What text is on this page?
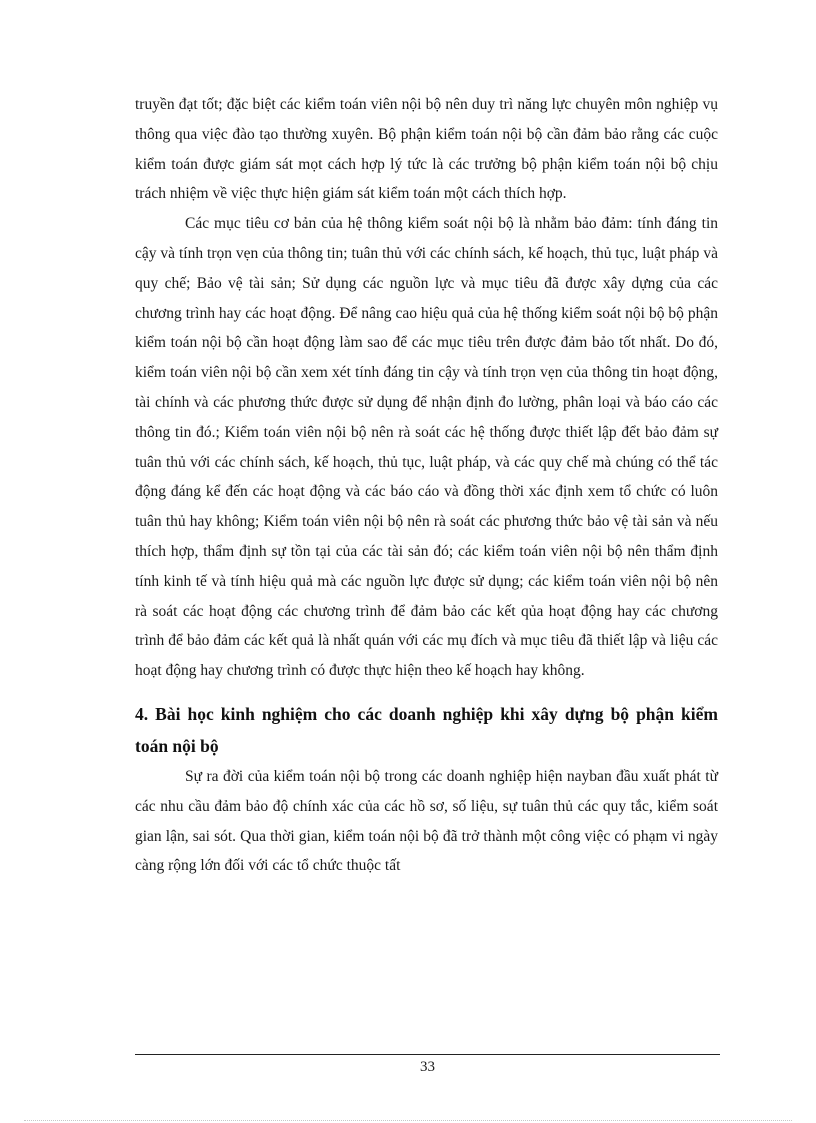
truyền đạt tốt; đặc biệt các kiểm toán viên nội bộ nên duy trì năng lực chuyên môn nghiệp vụ thông qua việc đào tạo thường xuyên. Bộ phận kiểm toán nội bộ cần đảm bảo rằng các cuộc kiểm toán được giám sát mọt cách hợp lý tức là các trưởng bộ phận kiểm toán nội bộ chịu trách nhiệm về việc thực hiện giám sát kiểm toán một cách thích hợp.

Các mục tiêu cơ bản của hệ thông kiểm soát nội bộ là nhằm bảo đảm: tính đáng tin cậy và tính trọn vẹn của thông tin; tuân thủ với các chính sách, kế hoạch, thủ tục, luật pháp và quy chế; Bảo vệ tài sản; Sử dụng các nguồn lực và mục tiêu đã được xây dựng của các chương trình hay các hoạt động. Để nâng cao hiệu quả của hệ thống kiểm soát nội bộ bộ phận kiểm toán nội bộ cần hoạt động làm sao để các mục tiêu trên được đảm bảo tốt nhất. Do đó, kiểm toán viên nội bộ cần xem xét tính đáng tin cậy và tính trọn vẹn của thông tin hoạt động, tài chính và các phương thức được sử dụng để nhận định đo lường, phân loại và báo cáo các thông tin đó.; Kiểm toán viên nội bộ nên rà soát các hệ thống được thiết lập đểt bảo đảm sự tuân thủ với các chính sách, kế hoạch, thủ tục, luật pháp, và các quy chế mà chúng có thể tác động đáng kể đến các hoạt động và các báo cáo và đồng thời xác định xem tổ chức có luôn tuân thủ hay không; Kiểm toán viên nội bộ nên rà soát các phương thức bảo vệ tài sản và nếu thích hợp, thẩm định sự tồn tại của các tài sản đó; các kiểm toán viên nội bộ nên thẩm định tính kinh tế và tính hiệu quả mà các nguồn lực được sử dụng; các kiểm toán viên nội bộ nên rà soát các hoạt động các chương trình để đảm bảo các kết qủa hoạt động hay các chương trình để bảo đảm các kết quả là nhất quán với các mụ đích và mục tiêu đã thiết lập và liệu các hoạt động hay chương trình có được thực hiện theo kế hoạch hay không.

4. Bài học kinh nghiệm cho các doanh nghiệp khi xây dựng bộ phận kiểm toán nội bộ

Sự ra đời của kiểm toán nội bộ trong các doanh nghiệp hiện nayban đầu xuất phát từ các nhu cầu đảm bảo độ chính xác của các hồ sơ, số liệu, sự tuân thủ các quy tắc, kiểm soát gian lận, sai sót. Qua thời gian, kiểm toán nội bộ đã trở thành một công việc có phạm vi ngày càng rộng lớn đối với các tổ chức thuộc tất

33
